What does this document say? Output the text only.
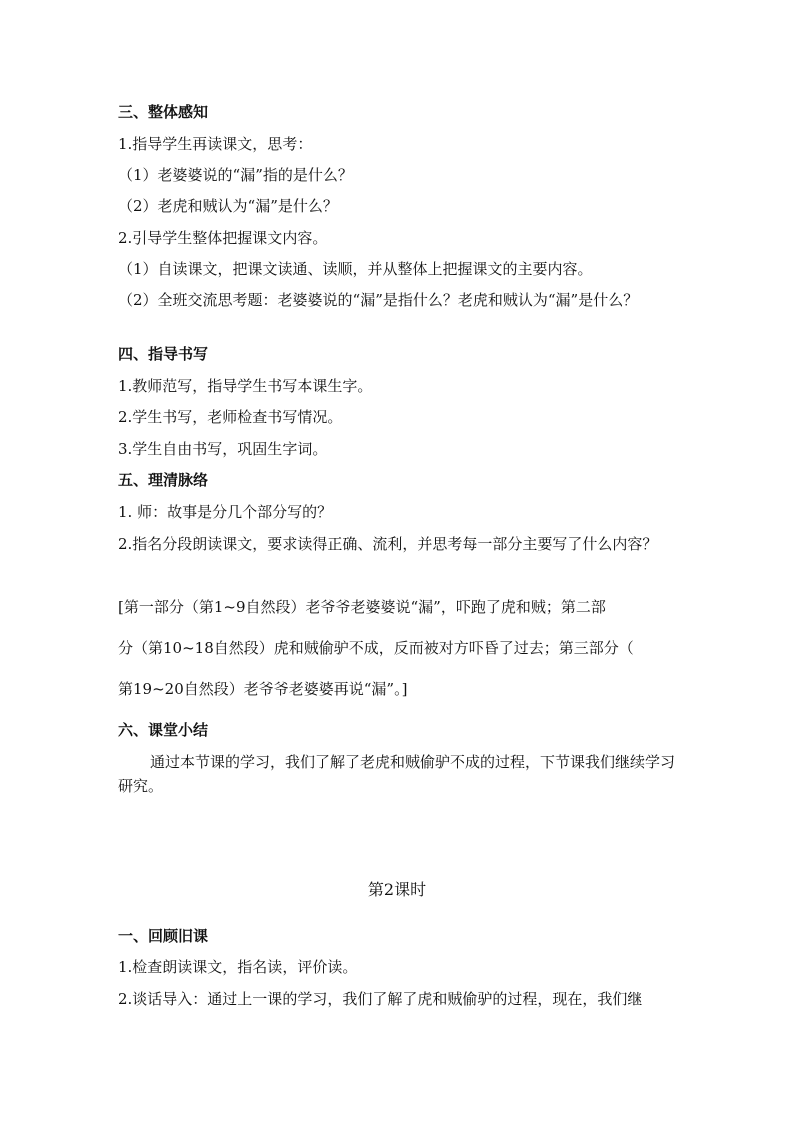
三、整体感知
1.指导学生再读课文，思考：
（1）老婆婆说的“漏”指的是什么？
（2）老虎和贼认为“漏”是什么？
2.引导学生整体把握课文内容。
（1）自读课文，把课文读通、读顺，并从整体上把握课文的主要内容。
（2）全班交流思考题：老婆婆说的“漏”是指什么？老虎和贼认为“漏”是什么？
四、指导书写
1.教师范写，指导学生书写本课生字。
2.学生书写，老师检查书写情况。
3.学生自由书写，巩固生字词。
五、理清脉络
1. 师：故事是分几个部分写的？
2.指名分段朗读课文，要求读得正确、流利，并思考每一部分主要写了什么内容？
[第一部分（第1~9自然段）老爷爷老婆婆说“漏”，吓跑了虎和贼；第二部
分（第10~18自然段）虎和贼偷驴不成，反而被对方吓昏了过去；第三部分（
第19~20自然段）老爷爷老婆婆再说“漏”。]
六、课堂小结
通过本节课的学习，我们了解了老虎和贼偷驴不成的过程，下节课我们继续学习研究。
第2课时
一、回顾旧课
1.检查朗读课文，指名读，评价读。
2.谈话导入：通过上一课的学习，我们了解了虎和贼偷驴的过程，现在，我们继
